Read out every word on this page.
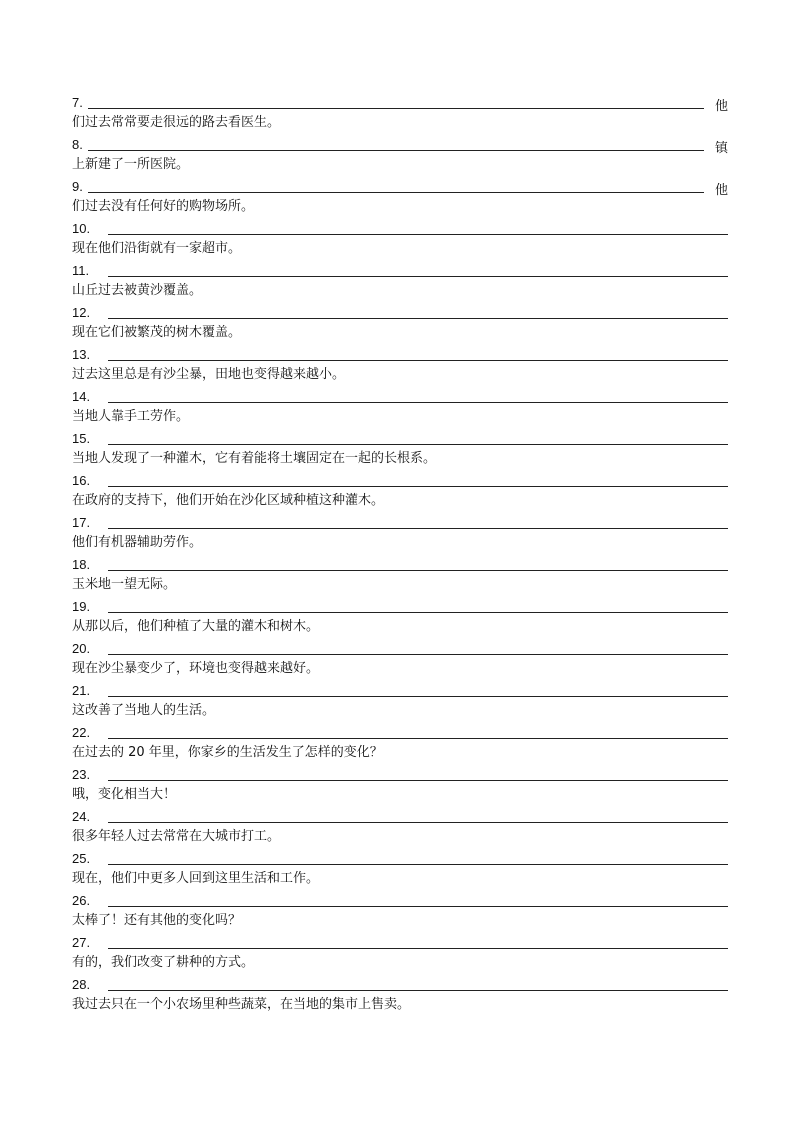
7.	他
们过去常常要走很远的路去看医生。
8.	镇
上新建了一所医院。
9.	他
们过去没有任何好的购物场所。
10.
现在他们沿街就有一家超市。
11.
山丘过去被黄沙覆盖。
12.
现在它们被繁茂的树木覆盖。
13.
过去这里总是有沙尘暴，田地也变得越来越小。
14.
当地人靠手工劳作。
15.
当地人发现了一种灌木，它有着能将土壤固定在一起的长根系。
16.
在政府的支持下，他们开始在沙化区域种植这种灌木。
17.
他们有机器辅助劳作。
18.
玉米地一望无际。
19.
从那以后，他们种植了大量的灌木和树木。
20.
现在沙尘暴变少了，环境也变得越来越好。
21.
这改善了当地人的生活。
22.
在过去的 20 年里，你家乡的生活发生了怎样的变化？
23.
哦，变化相当大！
24.
很多年轻人过去常常在大城市打工。
25.
现在，他们中更多人回到这里生活和工作。
26.
太棒了！还有其他的变化吗？
27.
有的，我们改变了耕种的方式。
28.
我过去只在一个小农场里种些蔬菜，在当地的集市上售卖。
